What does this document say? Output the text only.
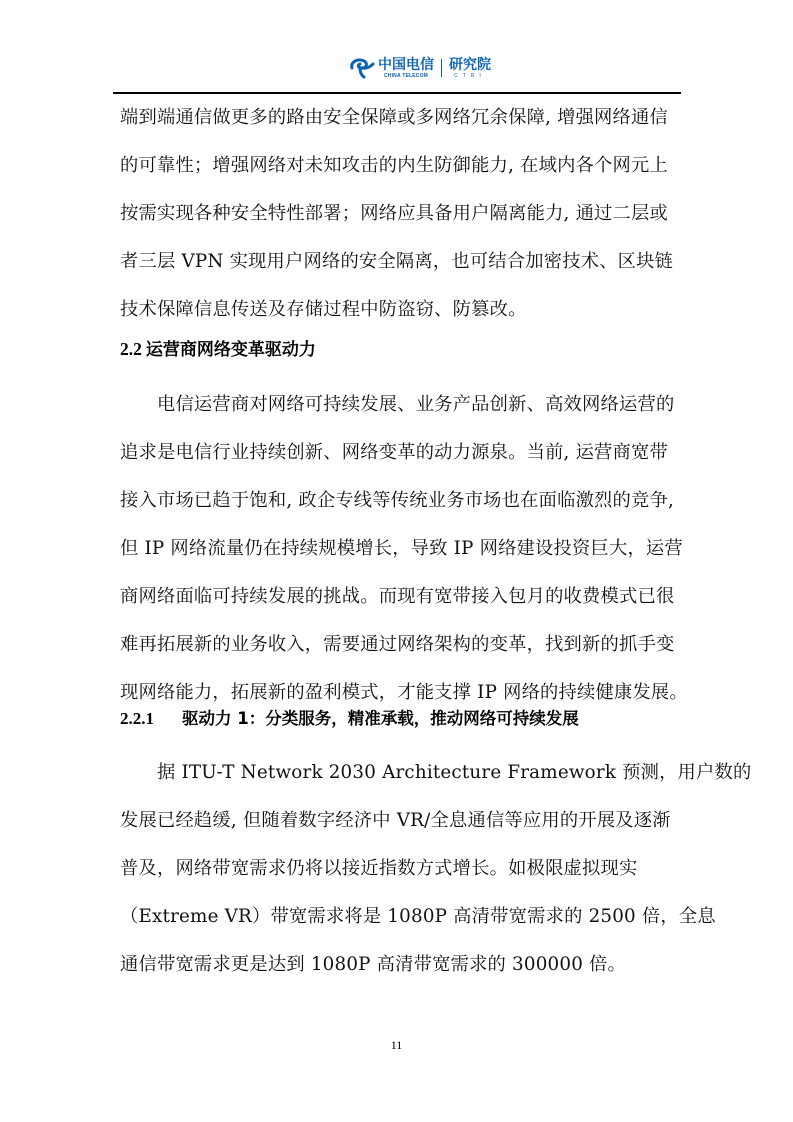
中国电信
CHINA TELECOM
研究院
CTRI
端到端通信做更多的路由安全保障或多网络冗余保障, 增强网络通信
的可靠性；增强网络对未知攻击的内生防御能力, 在域内各个网元上
按需实现各种安全特性部署；网络应具备用户隔离能力, 通过二层或
者三层 VPN 实现用户网络的安全隔离，也可结合加密技术、区块链
技术保障信息传送及存储过程中防盗窃、防篡改。
2.2 运营商网络变革驱动力
　　电信运营商对网络可持续发展、业务产品创新、高效网络运营的
追求是电信行业持续创新、网络变革的动力源泉。当前, 运营商宽带
接入市场已趋于饱和, 政企专线等传统业务市场也在面临激烈的竞争,
但 IP 网络流量仍在持续规模增长，导致 IP 网络建设投资巨大，运营
商网络面临可持续发展的挑战。而现有宽带接入包月的收费模式已很
难再拓展新的业务收入，需要通过网络架构的变革，找到新的抓手变
现网络能力，拓展新的盈利模式，才能支撑 IP 网络的持续健康发展。
2.2.1 驱动力 1：分类服务，精准承载，推动网络可持续发展
　　据 ITU-T Network 2030 Architecture Framework 预测，用户数的
发展已经趋缓, 但随着数字经济中 VR/全息通信等应用的开展及逐渐
普及，网络带宽需求仍将以接近指数方式增长。如极限虚拟现实
（Extreme VR）带宽需求将是 1080P 高清带宽需求的 2500 倍，全息
通信带宽需求更是达到 1080P 高清带宽需求的 300000 倍。
11
